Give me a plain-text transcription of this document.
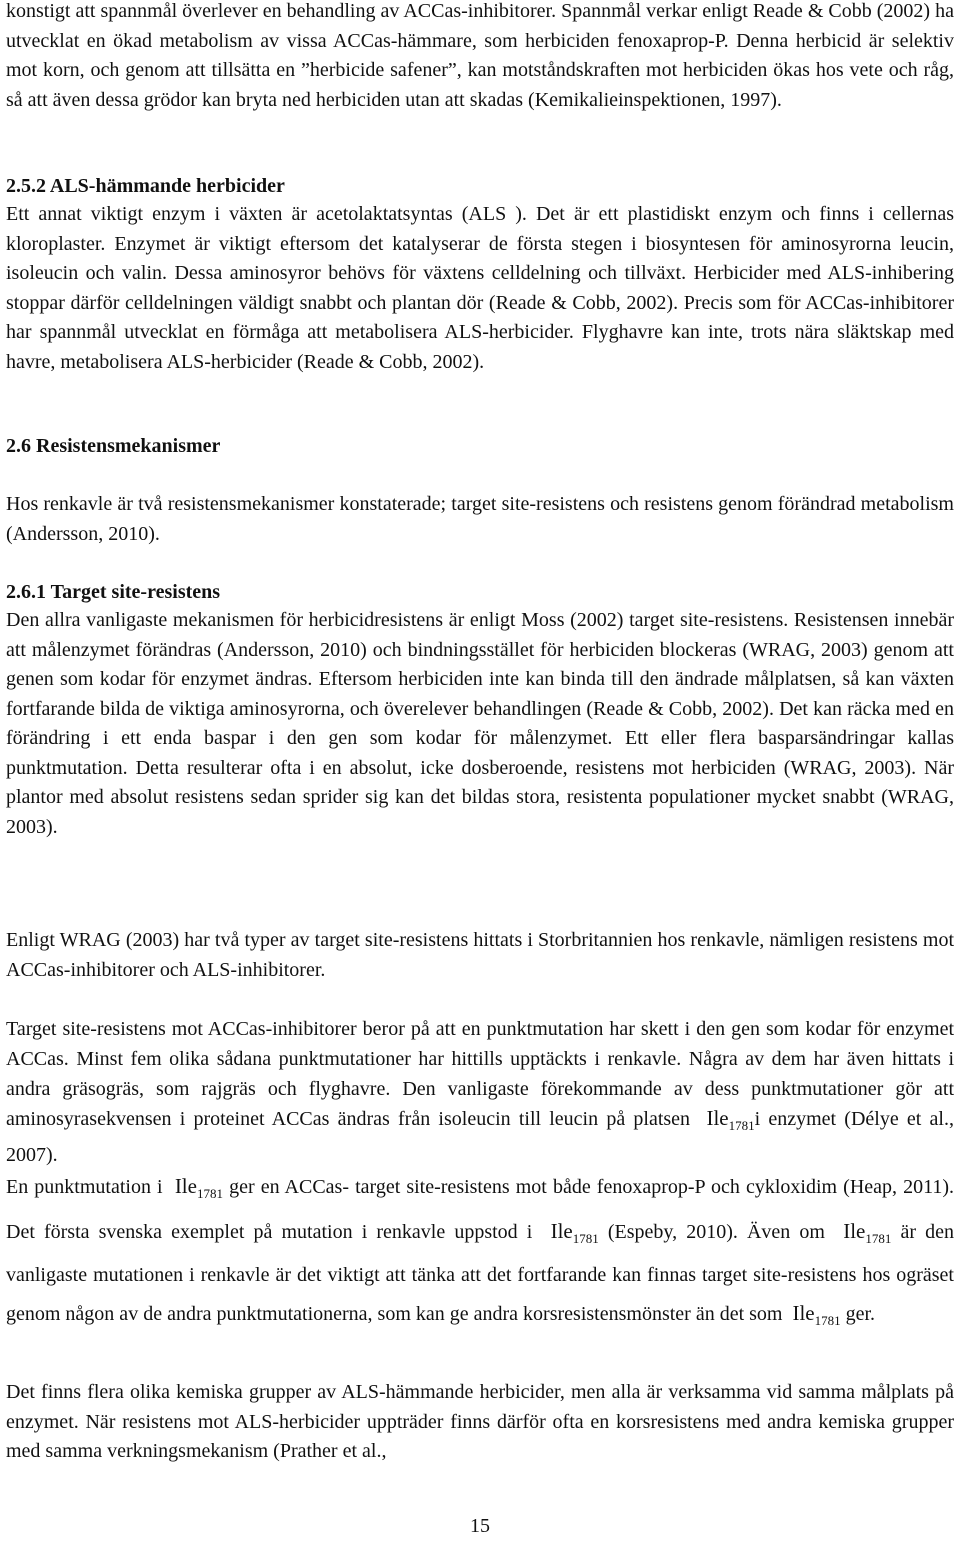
konstigt att spannmål överlever en behandling av ACCas-inhibitorer. Spannmål verkar enligt Reade & Cobb (2002) ha utvecklat en ökad metabolism av vissa ACCas-hämmare, som herbiciden fenoxaprop-P. Denna herbicid är selektiv mot korn, och genom att tillsätta en ”herbicide safener”, kan motståndskraften mot herbiciden ökas hos vete och råg, så att även dessa grödor kan bryta ned herbiciden utan att skadas (Kemikalieinspektionen, 1997).

2.5.2 ALS-hämmande herbicider

Ett annat viktigt enzym i växten är acetolaktatsyntas (ALS ). Det är ett plastidiskt enzym och finns i cellernas kloroplaster. Enzymet är viktigt eftersom det katalyserar de första stegen i biosyntesen för aminosyrorna leucin, isoleucin och valin. Dessa aminosyror behövs för växtens celldelning och tillväxt. Herbicider med ALS-inhibering stoppar därför celldelningen väldigt snabbt och plantan dör (Reade & Cobb, 2002). Precis som för ACCas-inhibitorer har spannmål utvecklat en förmåga att metabolisera ALS-herbicider. Flyghavre kan inte, trots nära släktskap med havre, metabolisera ALS-herbicider (Reade & Cobb, 2002).

2.6 Resistensmekanismer

Hos renkavle är två resistensmekanismer konstaterade; target site-resistens och resistens genom förändrad metabolism (Andersson, 2010).

2.6.1 Target site-resistens

Den allra vanligaste mekanismen för herbicidresistens är enligt Moss (2002) target site-resistens. Resistensen innebär att målenzymet förändras (Andersson, 2010) och bindningsstället för herbiciden blockeras (WRAG, 2003) genom att genen som kodar för enzymet ändras. Eftersom herbiciden inte kan binda till den ändrade målplatsen, så kan växten fortfarande bilda de viktiga aminosyrorna, och överelever behandlingen (Reade & Cobb, 2002). Det kan räcka med en förändring i ett enda baspar i den gen som kodar för målenzymet. Ett eller flera basparsändringar kallas punktmutation. Detta resulterar ofta i en absolut, icke dosberoende, resistens mot herbiciden (WRAG, 2003). När plantor med absolut resistens sedan sprider sig kan det bildas stora, resistenta populationer mycket snabbt (WRAG, 2003).

Enligt WRAG (2003) har två typer av target site-resistens hittats i Storbritannien hos renkavle, nämligen resistens mot ACCas-inhibitorer och ALS-inhibitorer.

Target site-resistens mot ACCas-inhibitorer beror på att en punktmutation har skett i den gen som kodar för enzymet ACCas. Minst fem olika sådana punktmutationer har hittills upptäckts i renkavle. Några av dem har även hittats i andra gräsogräs, som rajgräs och flyghavre. Den vanligaste förekommande av dess punktmutationer gör att aminosyrasekvensen i proteinet ACCas ändras från isoleucin till leucin på platsen Ile$_{1781}$i enzymet (Délye et al., 2007).

En punktmutation i Ile$_{1781}$ ger en ACCas- target site-resistens mot både fenoxaprop-P och cykloxidim (Heap, 2011). Det första svenska exemplet på mutation i renkavle uppstod i Ile$_{1781}$ (Espeby, 2010). Även om Ile$_{1781}$ är den vanligaste mutationen i renkavle är det viktigt att tänka att det fortfarande kan finnas target site-resistens hos ogräset genom någon av de andra punktmutationerna, som kan ge andra korsresistensmönster än det som Ile$_{1781}$ ger.

Det finns flera olika kemiska grupper av ALS-hämmande herbicider, men alla är verksamma vid samma målplats på enzymet. När resistens mot ALS-herbicider uppträder finns därför ofta en korsresistens med andra kemiska grupper med samma verkningsmekanism (Prather et al.,

15
